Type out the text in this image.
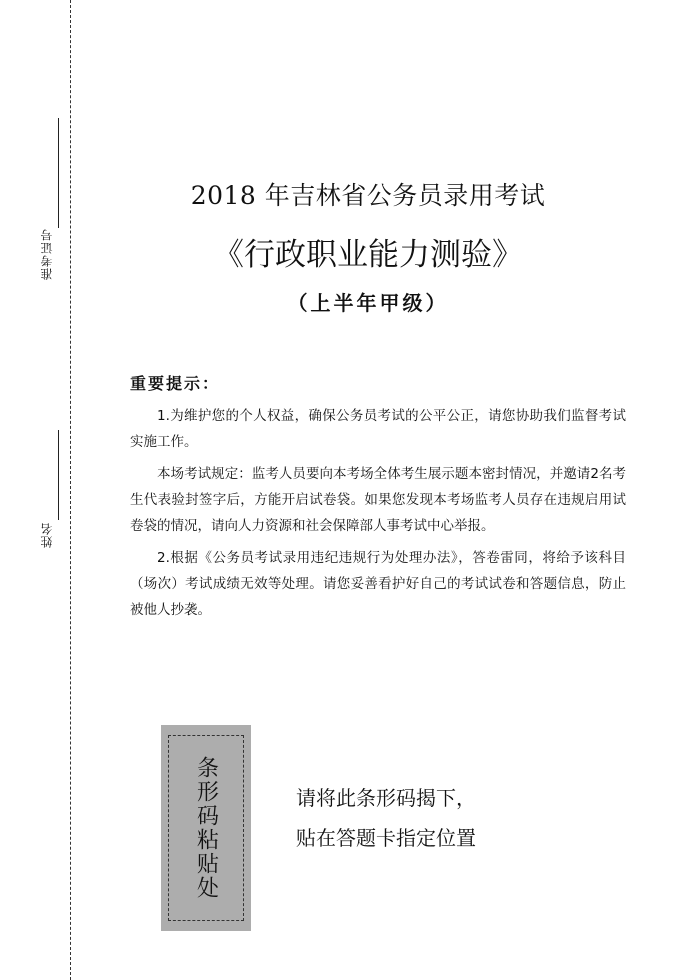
准考证号
姓名
2018 年吉林省公务员录用考试
《行政职业能力测验》
（上半年甲级）
重要提示：

1.为维护您的个人权益，确保公务员考试的公平公正，请您协助我们监督考试实施工作。

本场考试规定：监考人员要向本考场全体考生展示题本密封情况，并邀请2名考生代表验封签字后，方能开启试卷袋。如果您发现本考场监考人员存在违规启用试卷袋的情况，请向人力资源和社会保障部人事考试中心举报。

2.根据《公务员考试录用违纪违规行为处理办法》，答卷雷同，将给予该科目（场次）考试成绩无效等处理。请您妥善看护好自己的考试试卷和答题信息，防止被他人抄袭。

条形码粘贴处	请将此条形码揭下，
贴在答题卡指定位置
